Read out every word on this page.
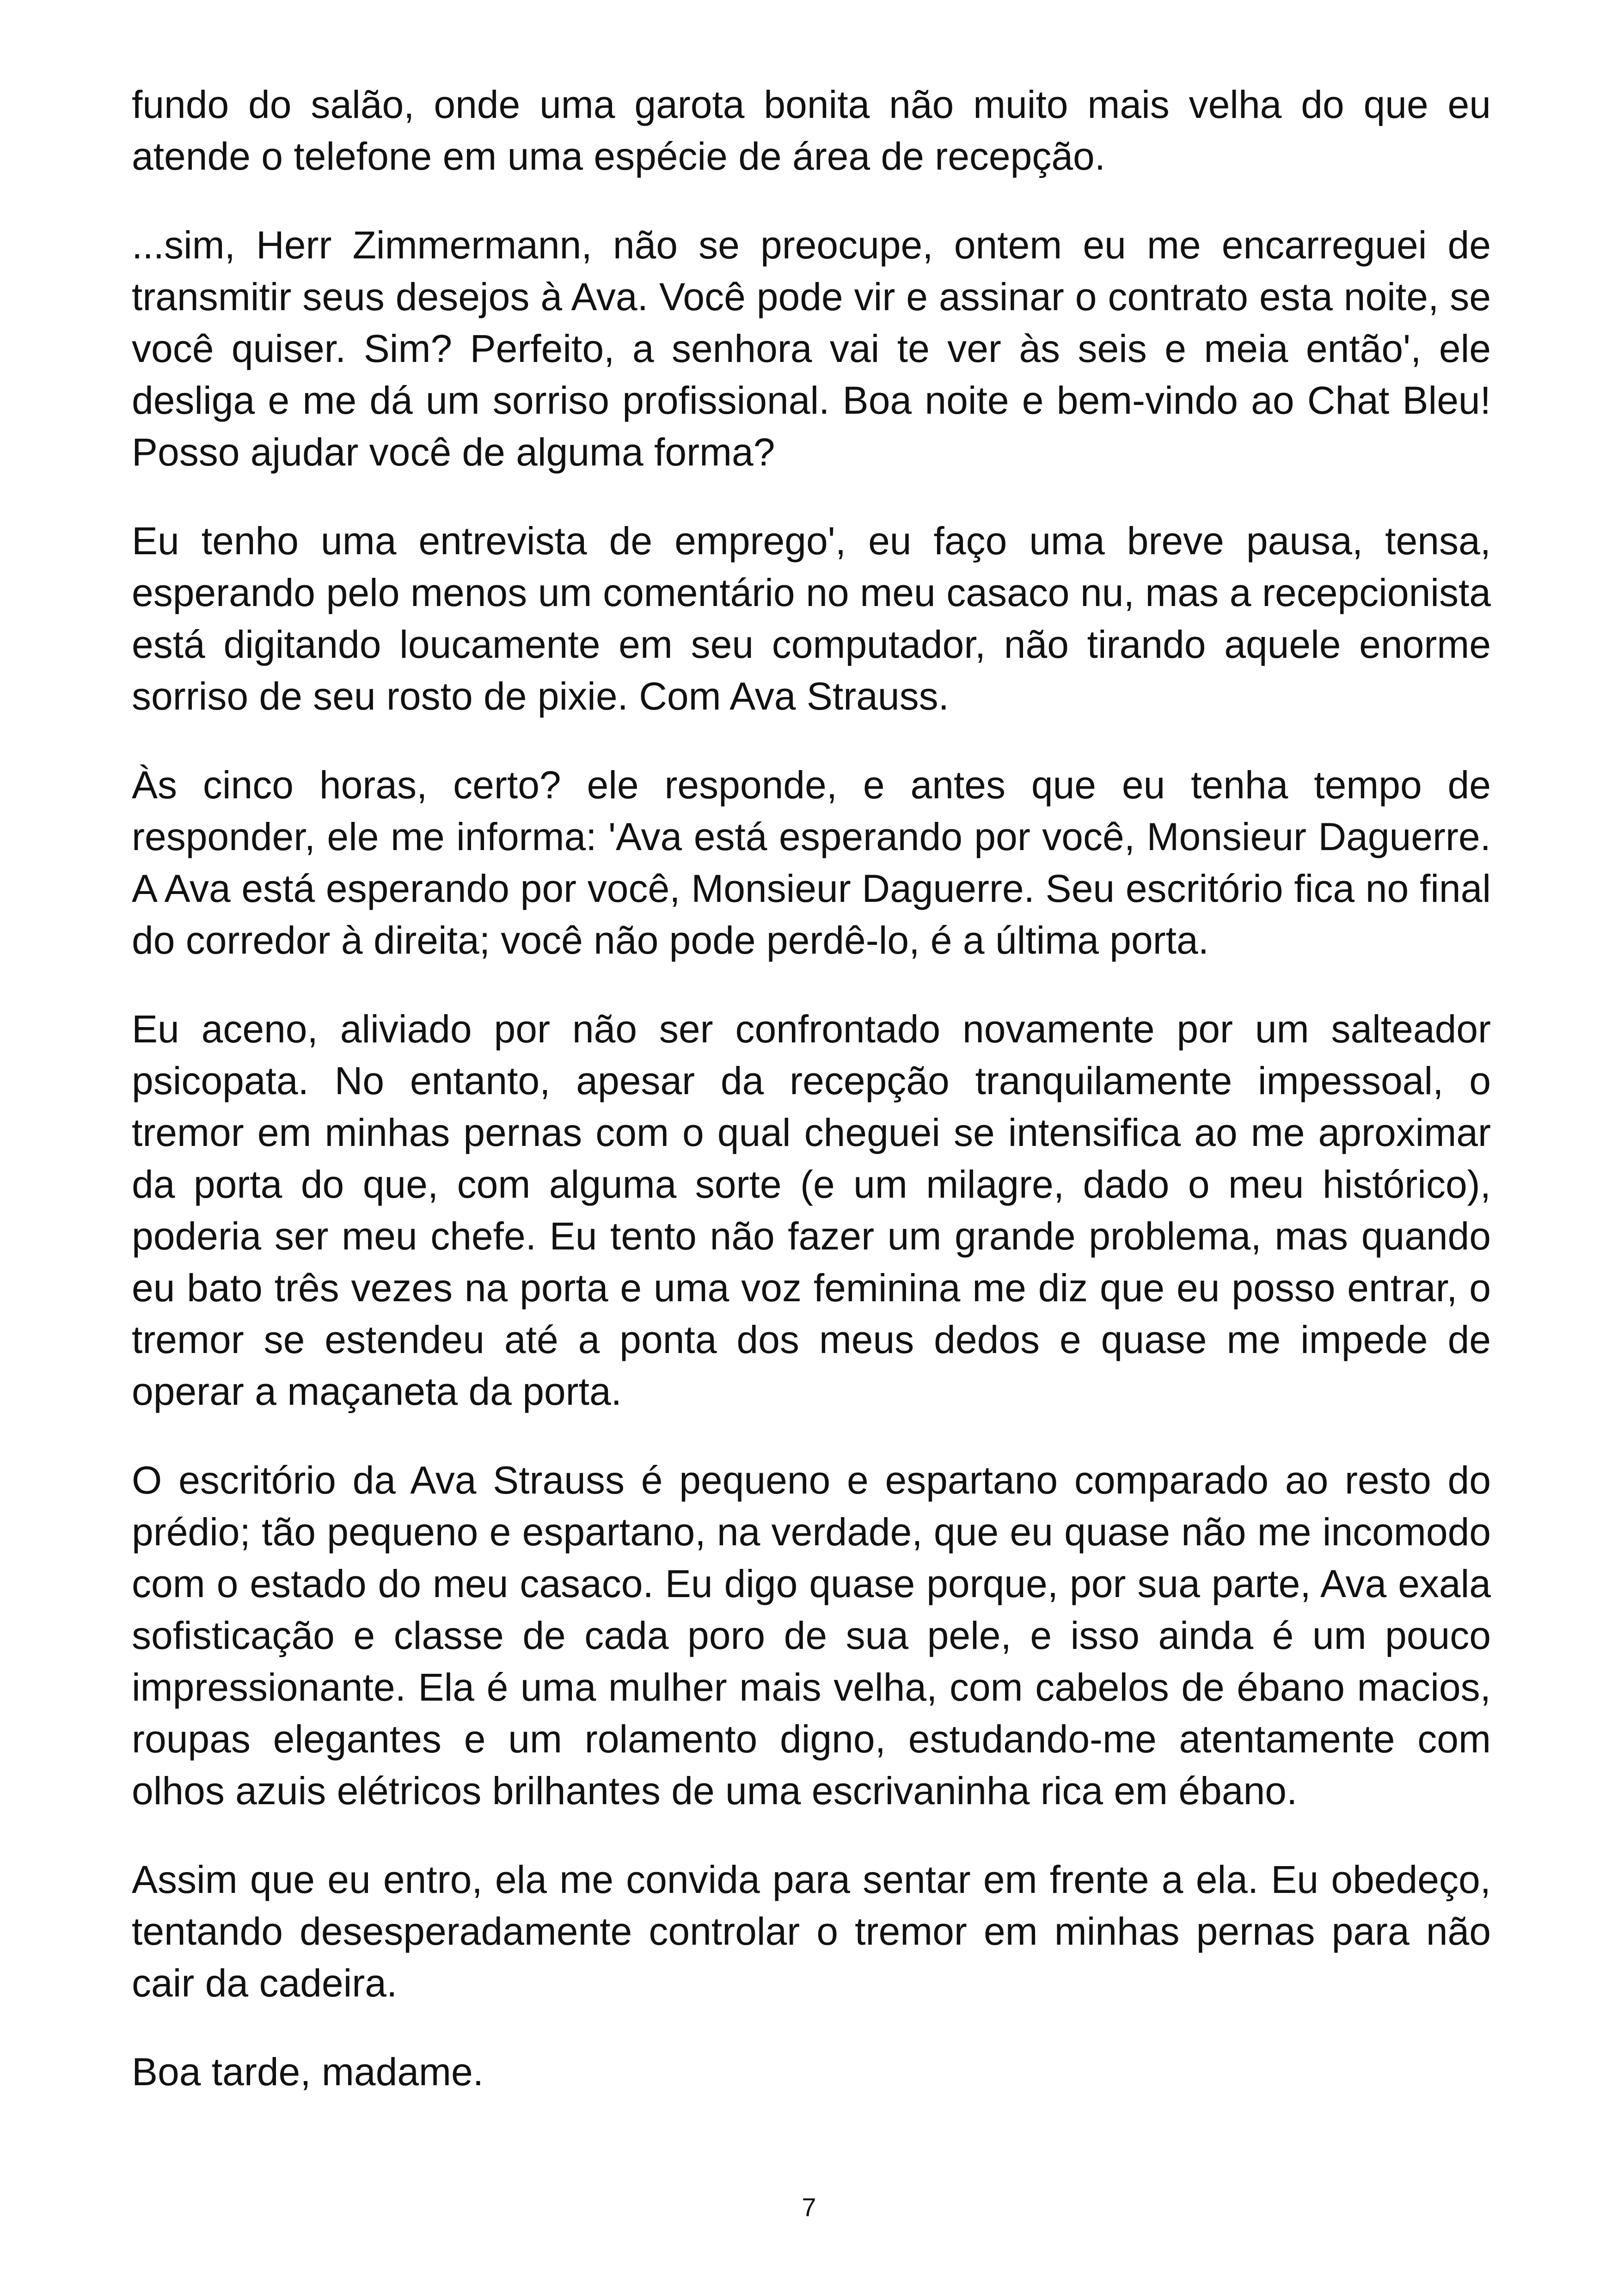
fundo do salão, onde uma garota bonita não muito mais velha do que eu atende o telefone em uma espécie de área de recepção.

...sim, Herr Zimmermann, não se preocupe, ontem eu me encarreguei de transmitir seus desejos à Ava. Você pode vir e assinar o contrato esta noite, se você quiser. Sim? Perfeito, a senhora vai te ver às seis e meia então', ele desliga e me dá um sorriso profissional. Boa noite e bem-vindo ao Chat Bleu! Posso ajudar você de alguma forma?

Eu tenho uma entrevista de emprego', eu faço uma breve pausa, tensa, esperando pelo menos um comentário no meu casaco nu, mas a recepcionista está digitando loucamente em seu computador, não tirando aquele enorme sorriso de seu rosto de pixie. Com Ava Strauss.

Às cinco horas, certo? ele responde, e antes que eu tenha tempo de responder, ele me informa: 'Ava está esperando por você, Monsieur Daguerre. A Ava está esperando por você, Monsieur Daguerre. Seu escritório fica no final do corredor à direita; você não pode perdê-lo, é a última porta.

Eu aceno, aliviado por não ser confrontado novamente por um salteador psicopata. No entanto, apesar da recepção tranquilamente impessoal, o tremor em minhas pernas com o qual cheguei se intensifica ao me aproximar da porta do que, com alguma sorte (e um milagre, dado o meu histórico), poderia ser meu chefe. Eu tento não fazer um grande problema, mas quando eu bato três vezes na porta e uma voz feminina me diz que eu posso entrar, o tremor se estendeu até a ponta dos meus dedos e quase me impede de operar a maçaneta da porta.

O escritório da Ava Strauss é pequeno e espartano comparado ao resto do prédio; tão pequeno e espartano, na verdade, que eu quase não me incomodo com o estado do meu casaco. Eu digo quase porque, por sua parte, Ava exala sofisticação e classe de cada poro de sua pele, e isso ainda é um pouco impressionante. Ela é uma mulher mais velha, com cabelos de ébano macios, roupas elegantes e um rolamento digno, estudando-me atentamente com olhos azuis elétricos brilhantes de uma escrivaninha rica em ébano.

Assim que eu entro, ela me convida para sentar em frente a ela. Eu obedeço, tentando desesperadamente controlar o tremor em minhas pernas para não cair da cadeira.

Boa tarde, madame.

7
